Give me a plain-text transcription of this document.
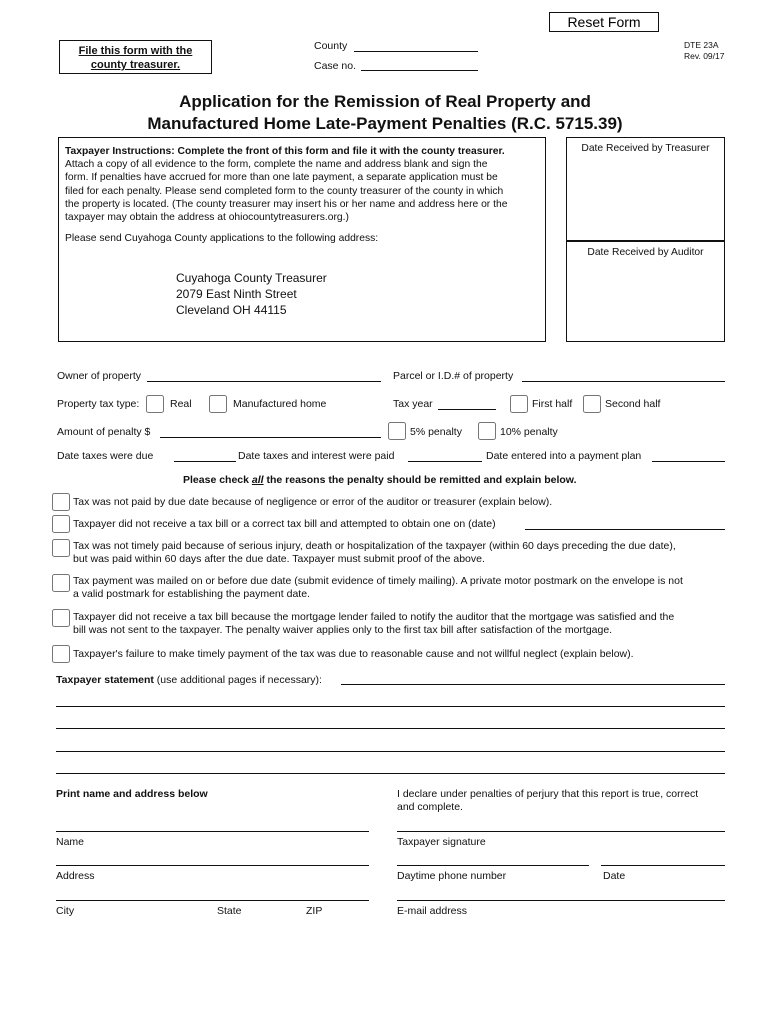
Reset Form
File this form with the
county treasurer.
County
Case no.
DTE 23A
Rev. 09/17
Application for the Remission of Real Property and
Manufactured Home Late-Payment Penalties (R.C. 5715.39)
Taxpayer Instructions: Complete the front of this form and file it with the county treasurer.
Attach a copy of all evidence to the form, complete the name and address blank and sign the
form. If penalties have accrued for more than one late payment, a separate application must be
filed for each penalty. Please send completed form to the county treasurer of the county in which
the property is located. (The county treasurer may insert his or her name and address here or the
taxpayer may obtain the address at ohiocountytreasurers.org.)
Please send Cuyahoga County applications to the following address:
Cuyahoga County Treasurer
2079 East Ninth Street
Cleveland OH 44115
Date Received by Treasurer
Date Received by Auditor
Owner of property	Parcel or I.D.# of property
Property tax type:	Real	Manufactured home	Tax year	First half	Second half
Amount of penalty $	5% penalty	10% penalty
Date taxes were due	Date taxes and interest were paid	Date entered into a payment plan
Please check all the reasons the penalty should be remitted and explain below.
Tax was not paid by due date because of negligence or error of the auditor or treasurer (explain below).
Taxpayer did not receive a tax bill or a correct tax bill and attempted to obtain one on (date)
Tax was not timely paid because of serious injury, death or hospitalization of the taxpayer (within 60 days preceding the due date),
but was paid within 60 days after the due date. Taxpayer must submit proof of the above.
Tax payment was mailed on or before due date (submit evidence of timely mailing). A private motor postmark on the envelope is not
a valid postmark for establishing the payment date.
Taxpayer did not receive a tax bill because the mortgage lender failed to notify the auditor that the mortgage was satisfied and the
bill was not sent to the taxpayer. The penalty waiver applies only to the first tax bill after satisfaction of the mortgage.
Taxpayer's failure to make timely payment of the tax was due to reasonable cause and not willful neglect (explain below).
Taxpayer statement (use additional pages if necessary):
Print name and address below	I declare under penalties of perjury that this report is true, correct
and complete.
Name	Taxpayer signature
Address	Daytime phone number	Date
City	State	ZIP	E-mail address
